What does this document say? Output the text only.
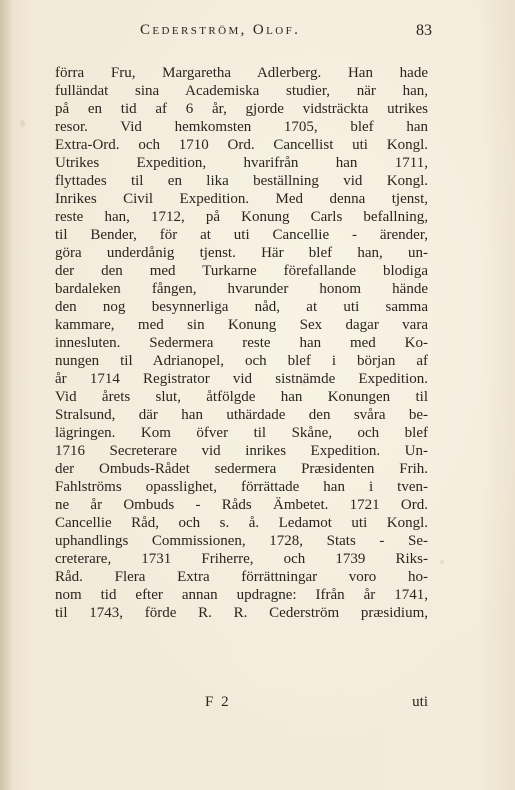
Cederström, Olof.	83
förra Fru, Margaretha Adlerberg. Han hade
fulländat sina Academiska studier, när han,
på en tid af 6 år, gjorde vidsträckta utrikes
resor. Vid hemkomsten 1705, blef han
Extra-Ord. och 1710 Ord. Cancellist uti Kongl.
Utrikes Expedition, hvarifrån han 1711,
flyttades til en lika beställning vid Kongl.
Inrikes Civil Expedition. Med denna tjenst,
reste han, 1712, på Konung Carls befallning,
til Bender, för at uti Cancellie - ärender,
göra underdånig tjenst. Här blef han, un-
der den med Turkarne förefallande blodiga
bardaleken fången, hvarunder honom hände
den nog besynnerliga nåd, at uti samma
kammare, med sin Konung Sex dagar vara
innesluten. Sedermera reste han med Ko-
nungen til Adrianopel, och blef i början af
år 1714 Registrator vid sistnämde Expedition.
Vid årets slut, åtfölgde han Konungen til
Stralsund, där han uthärdade den svåra be-
lägringen. Kom öfver til Skåne, och blef
1716 Secreterare vid inrikes Expedition. Un-
der Ombuds-Rådet sedermera Præsidenten Frih.
Fahlströms opasslighet, förrättade han i tven-
ne år Ombuds - Råds Ämbetet. 1721 Ord.
Cancellie Råd, och s. å. Ledamot uti Kongl.
uphandlings Commissionen, 1728, Stats - Se-
creterare, 1731 Friherre, och 1739 Riks-
Råd. Flera Extra förrättningar voro ho-
nom tid efter annan updragne: Ifrån år 1741,
til 1743, förde R. R. Cederström præsidium,
F 2	uti
